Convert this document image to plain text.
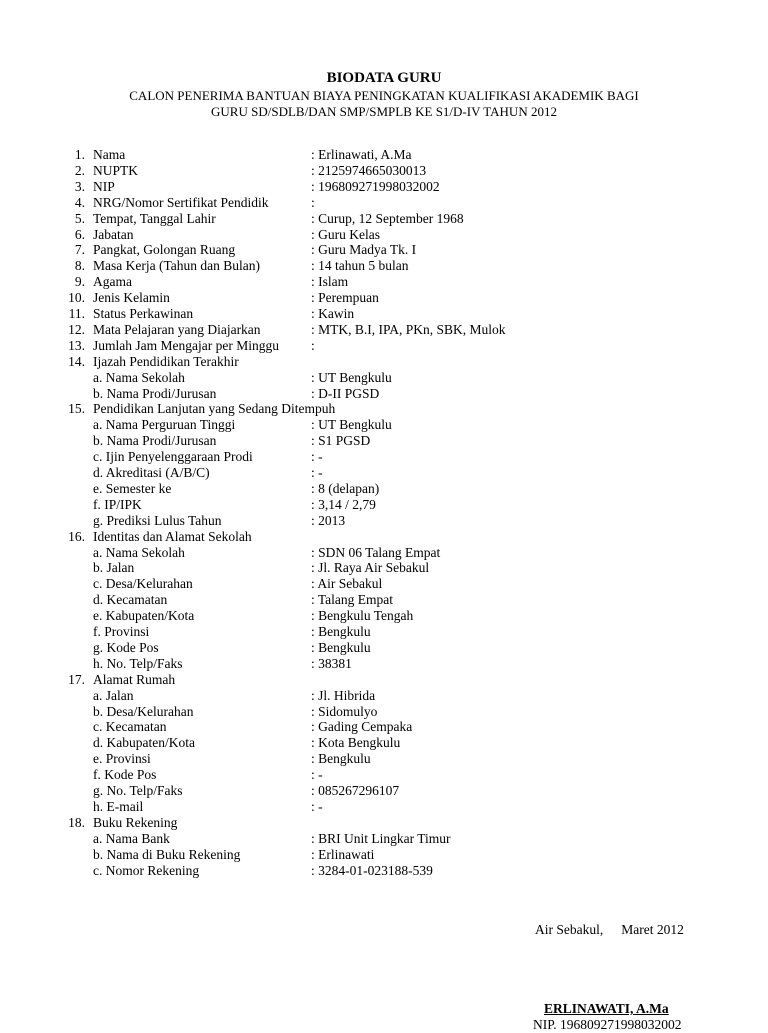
BIODATA GURU
CALON PENERIMA BANTUAN BIAYA PENINGKATAN KUALIFIKASI AKADEMIK BAGI
GURU SD/SDLB/DAN SMP/SMPLB KE S1/D-IV TAHUN 2012
1. Nama	: Erlinawati, A.Ma
2. NUPTK	: 2125974665030013
3. NIP	: 196809271998032002
4. NRG/Nomor Sertifikat Pendidik	:
5. Tempat, Tanggal Lahir	: Curup, 12 September 1968
6. Jabatan	: Guru Kelas
7. Pangkat, Golongan Ruang	: Guru Madya Tk. I
8. Masa Kerja (Tahun dan Bulan)	: 14 tahun 5 bulan
9. Agama	: Islam
10. Jenis Kelamin	: Perempuan
11. Status Perkawinan	: Kawin
12. Mata Pelajaran yang Diajarkan	: MTK, B.I, IPA, PKn, SBK, Mulok
13. Jumlah Jam Mengajar per Minggu :
14. Ijazah Pendidikan Terakhir
a. Nama Sekolah	: UT Bengkulu
b. Nama Prodi/Jurusan	: D-II PGSD
15. Pendidikan Lanjutan yang Sedang Ditempuh
a. Nama Perguruan Tinggi	: UT Bengkulu
b. Nama Prodi/Jurusan	: S1 PGSD
c. Ijin Penyelenggaraan Prodi	: -
d. Akreditasi (A/B/C)	: -
e. Semester ke	: 8 (delapan)
f. IP/IPK	: 3,14 / 2,79
g. Prediksi Lulus Tahun	: 2013
16. Identitas dan Alamat Sekolah
a. Nama Sekolah	: SDN 06 Talang Empat
b. Jalan	: Jl. Raya Air Sebakul
c. Desa/Kelurahan	: Air Sebakul
d. Kecamatan	: Talang Empat
e. Kabupaten/Kota	: Bengkulu Tengah
f. Provinsi	: Bengkulu
g. Kode Pos	: Bengkulu
h. No. Telp/Faks	: 38381
17. Alamat Rumah
a. Jalan	: Jl. Hibrida
b. Desa/Kelurahan	: Sidomulyo
c. Kecamatan	: Gading Cempaka
d. Kabupaten/Kota	: Kota Bengkulu
e. Provinsi	: Bengkulu
f. Kode Pos	: -
g. No. Telp/Faks	: 085267296107
h. E-mail	: -
18. Buku Rekening
a. Nama Bank	: BRI Unit Lingkar Timur
b. Nama di Buku Rekening	: Erlinawati
c. Nomor Rekening	: 3284-01-023188-539
Air Sebakul, Maret 2012
ERLINAWATI, A.Ma
NIP. 196809271998032002
